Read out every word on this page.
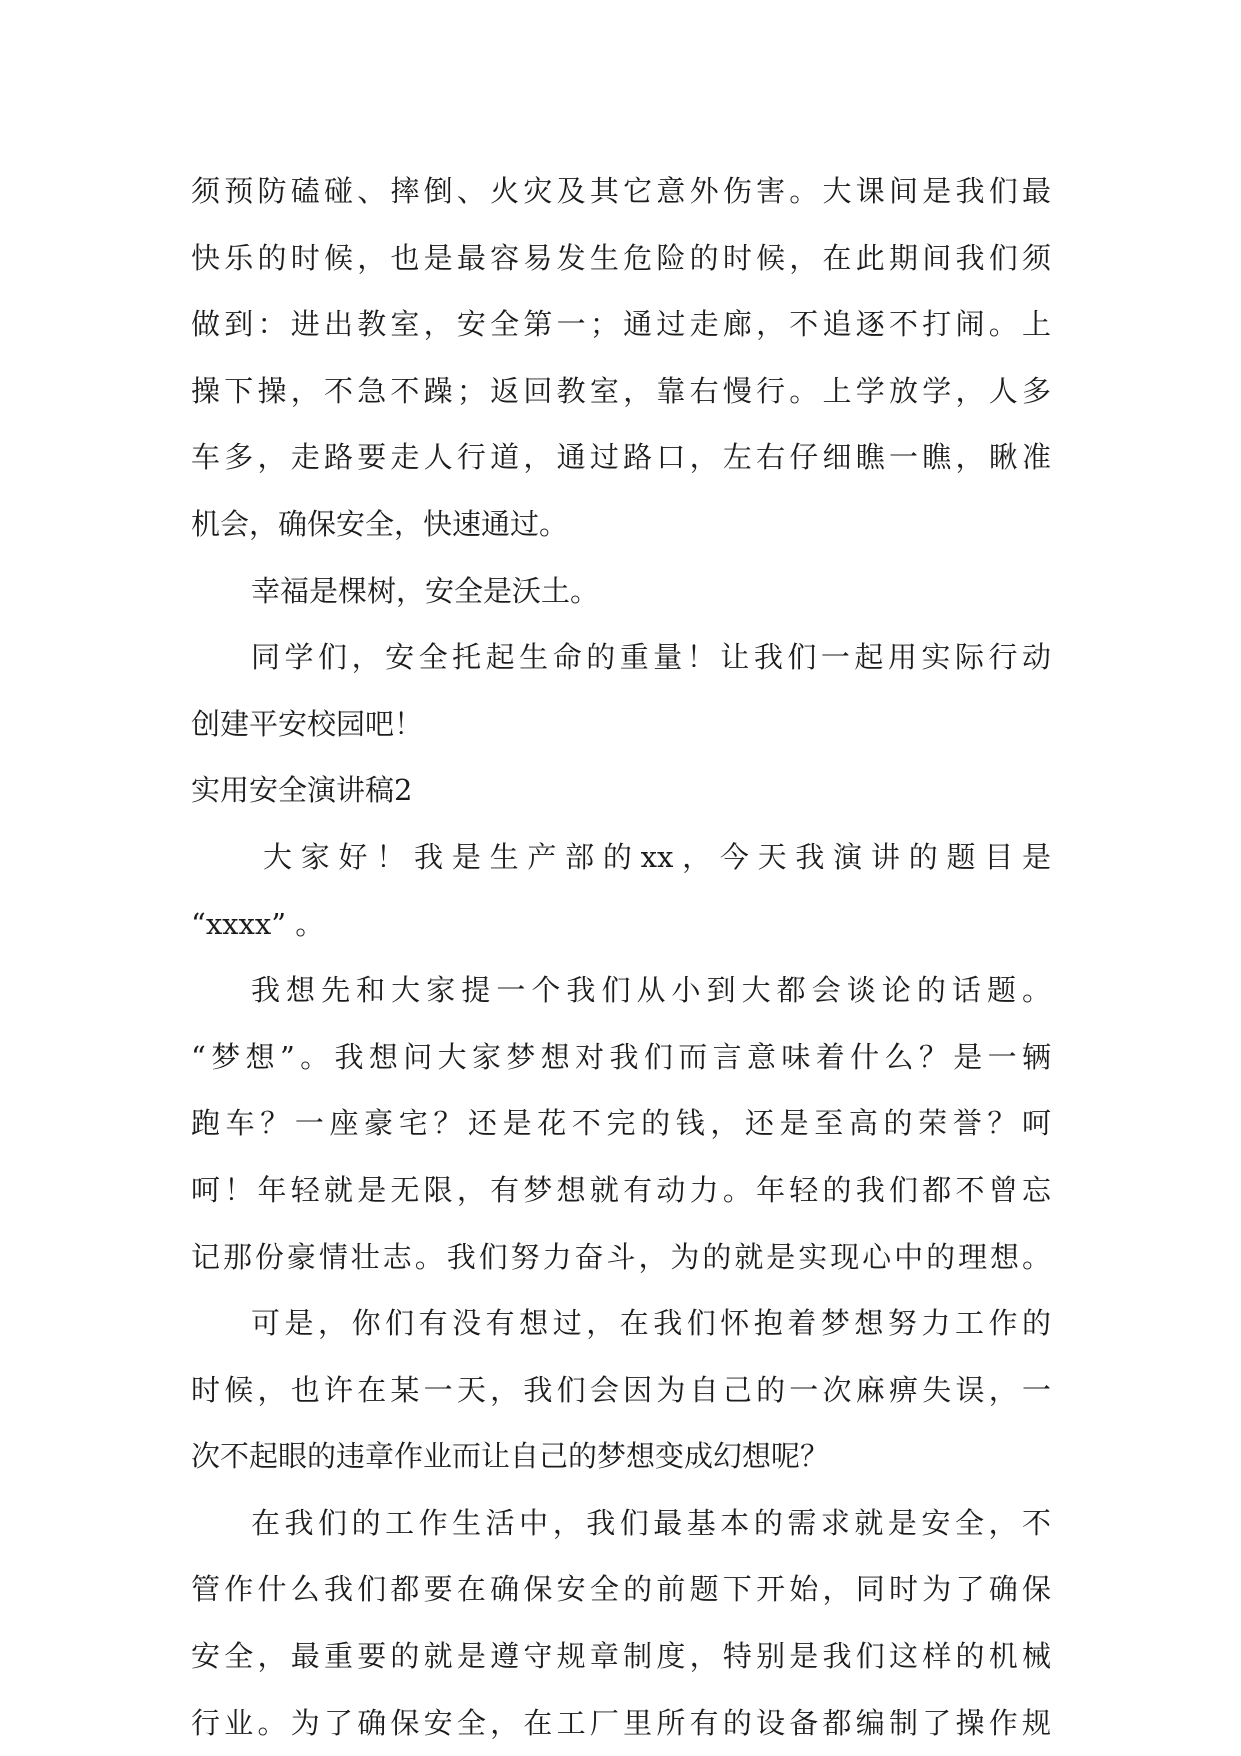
须预防磕碰、摔倒、火灾及其它意外伤害。大课间是我们最
快乐的时候，也是最容易发生危险的时候，在此期间我们须
做到：进出教室，安全第一；通过走廊，不追逐不打闹。上
操下操，不急不躁；返回教室，靠右慢行。上学放学，人多
车多，走路要走人行道，通过路口，左右仔细瞧一瞧，瞅准
机会，确保安全，快速通过。
幸福是棵树，安全是沃土。
同学们，安全托起生命的重量！让我们一起用实际行动
创建平安校园吧！
实用安全演讲稿2
大家好！我是生产部的xx，今天我演讲的题目是
“xxxx” 。
我想先和大家提一个我们从小到大都会谈论的话题。
“梦想”。我想问大家梦想对我们而言意味着什么？是一辆
跑车？一座豪宅？还是花不完的钱，还是至高的荣誉？呵
呵！年轻就是无限，有梦想就有动力。年轻的我们都不曾忘
记那份豪情壮志。我们努力奋斗，为的就是实现心中的理想。
可是，你们有没有想过，在我们怀抱着梦想努力工作的
时候，也许在某一天，我们会因为自己的一次麻痹失误，一
次不起眼的违章作业而让自己的梦想变成幻想呢？
在我们的工作生活中，我们最基本的需求就是安全，不
管作什么我们都要在确保安全的前题下开始，同时为了确保
安全，最重要的就是遵守规章制度，特别是我们这样的机械
行业。为了确保安全，在工厂里所有的设备都编制了操作规
